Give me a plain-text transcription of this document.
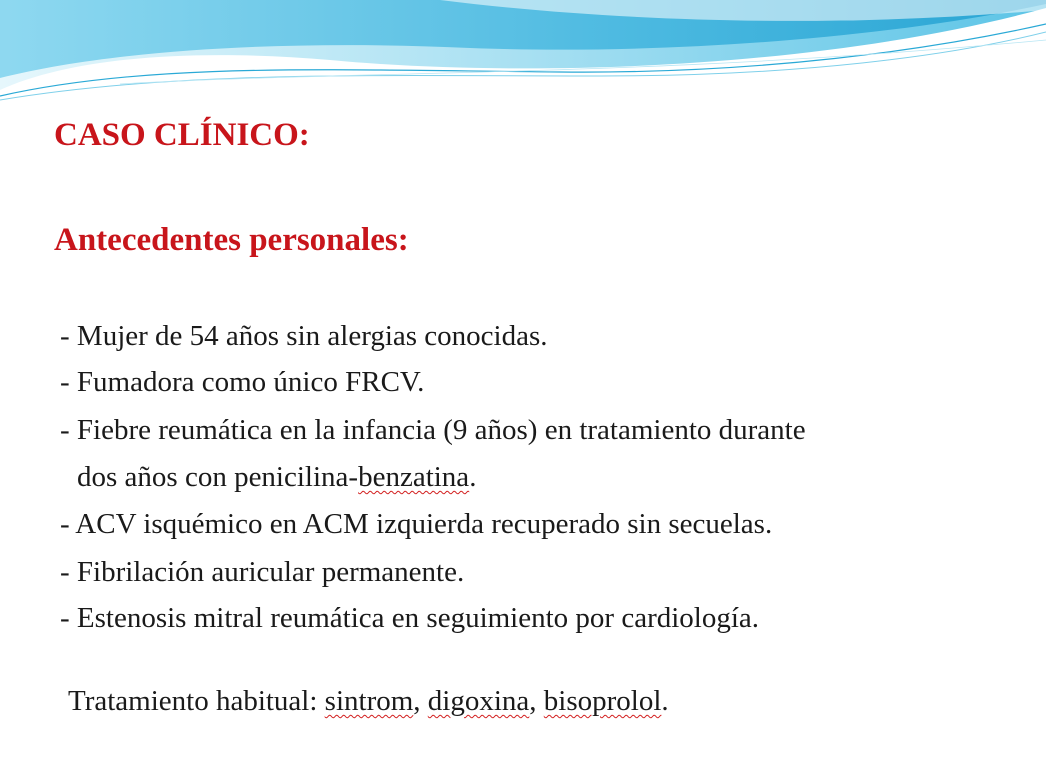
CASO CLÍNICO:
Antecedentes personales:
- Mujer de 54 años sin alergias conocidas.
- Fumadora como único FRCV.
- Fiebre reumática en la infancia (9 años) en tratamiento durante
dos años con penicilina-benzatina.
- ACV isquémico en ACM izquierda recuperado sin secuelas.
- Fibrilación auricular permanente.
- Estenosis mitral reumática en seguimiento por cardiología.
Tratamiento habitual: sintrom, digoxina, bisoprolol.
